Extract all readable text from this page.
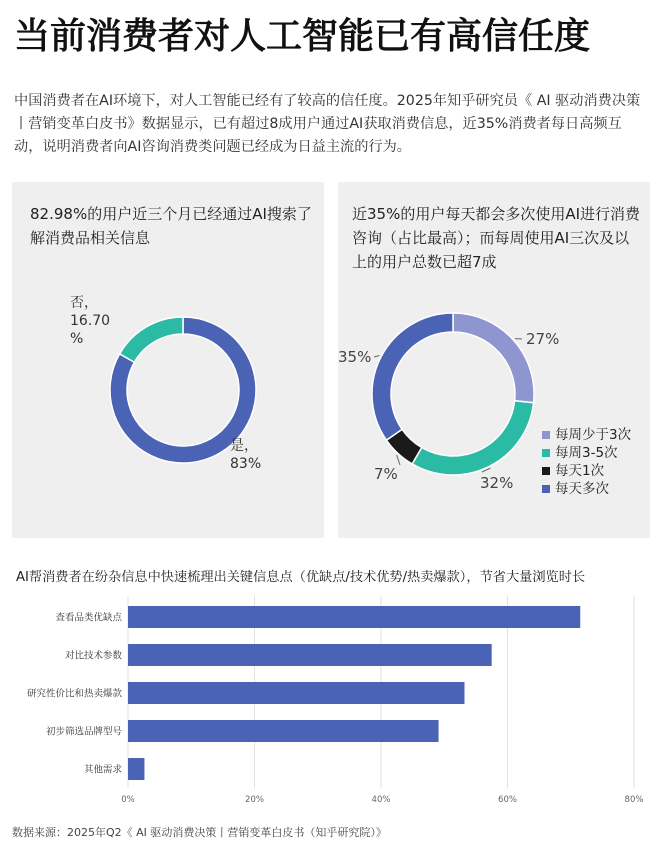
当前消费者对人工智能已有高信任度
中国消费者在AI环境下，对人工智能已经有了较高的信任度。2025年知乎研究员《 AI 驱动消费决策丨营销变革白皮书》数据显示，已有超过8成用户通过AI获取消费信息，近35%消费者每日高频互动，说明消费者向AI咨询消费类问题已经成为日益主流的行为。
82.98%的用户近三个月已经通过AI搜索了解消费品相关信息
是， 83%
否， 16.70 %
近35%的用户每天都会多次使用AI进行消费咨询（占比最高）；而每周使用AI三次及以上的用户总数已超7成
27%
32%
7%
35%
每周少于3次
每周3-5次
每天1次
每天多次
AI帮消费者在纷杂信息中快速梳理出关键信息点（优缺点/技术优势/热卖爆款），节省大量浏览时长
0%	20%	40%	60%	80%
查看品类优缺点
对比技术参数
研究性价比和热卖爆款
初步筛选品牌型号
其他需求
数据来源：2025年Q2《 AI 驱动消费决策丨营销变革白皮书（知乎研究院）》
